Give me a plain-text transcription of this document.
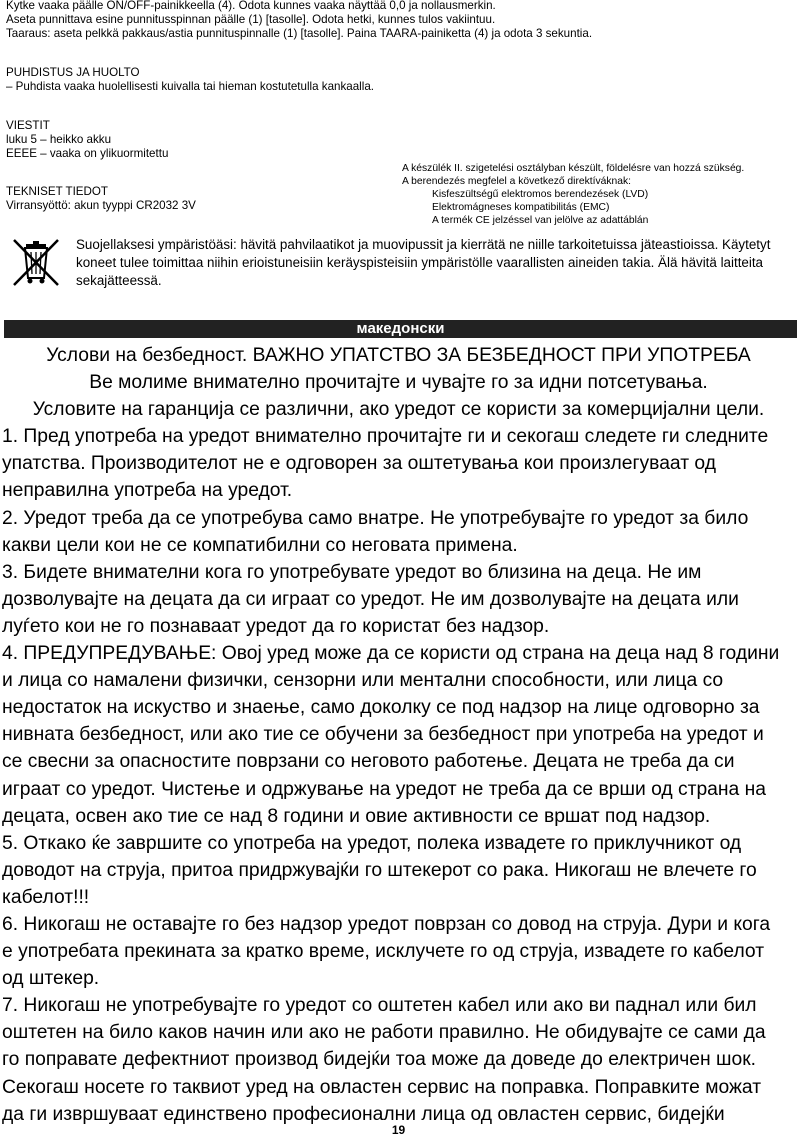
Kytke vaaka päälle ON/OFF-painikkeella (4). Odota kunnes vaaka näyttää 0,0 ja nollausmerkin.
Aseta punnittava esine punnitusspinnan päälle (1) [tasolle]. Odota hetki, kunnes tulos vakiintuu.
Taaraus: aseta pelkkä pakkaus/astia punnituspinnalle (1) [tasolle]. Paina TAARA-painiketta (4) ja odota 3 sekuntia.
PUHDISTUS JA HUOLTO
– Puhdista vaaka huolellisesti kuivalla tai hieman kostutetulla kankaalla.
VIESTIT
luku 5 – heikko akku
EEEE – vaaka on ylikuormitettu
TEKNISET TIEDOT
Virransyöttö: akun tyyppi CR2032 3V
A készülék II. szigetelési osztályban készült, földelésre van hozzá szükség.
A berendezés megfelel a következő direktíváknak:
Kisfeszültségű elektromos berendezések (LVD)
Elektromágneses kompatibilitás (EMC)
A termék CE jelzéssel van jelölve az adattáblán
Suojellaksesi ympäristöäsi: hävitä pahvilaatikot ja muovipussit ja kierrätä ne niille tarkoitetuissa jäteastioissa. Käytetyt koneet tulee toimittaa niihin erioistuneisiin keräyspisteisiin ympäristölle vaarallisten aineiden takia. Älä hävitä laitteita sekajätteessä.
македонски

Услови на безбедност. ВАЖНО УПАТСТВО ЗА БЕЗБЕДНОСТ ПРИ УПОТРЕБА

Ве молиме внимателно прочитајте и чувајте го за идни потсетувања.

Условите на гаранција се различни, ако уредот се користи за комерцијални цели.

1. Пред употреба на уредот внимателно прочитајте ги и секогаш следете ги следните

упатства. Производителот не е одговорен за оштетувања кои произлегуваат од

неправилна употреба на уредот.

2. Уредот треба да се употребува само внатре. Не употребувајте го уредот за било

какви цели кои не се компатибилни со неговата примена.

3. Бидете внимателни кога го употребувате уредот во близина на деца. Не им

дозволувајте на децата да си играат со уредот. Не им дозволувајте на децата или

луѓето кои не го познаваат уредот да го користат без надзор.

4. ПРЕДУПРЕДУВАЊЕ: Овој уред може да се користи од страна на деца над 8 години

и лица со намалени физички, сензорни или ментални способности, или лица со

недостаток на искуство и знаење, само доколку се под надзор на лице одговорно за

нивната безбедност, или ако тие се обучени за безбедност при употреба на уредот и

се свесни за опасностите поврзани со неговото работење. Децата не треба да си

играат со уредот. Чистење и одржување на уредот не треба да се врши од страна на

децата, освен ако тие се над 8 години и овие активности се вршат под надзор.

5. Откако ќе завршите со употреба на уредот, полека извадете го приклучникот од

доводот на струја, притоа придржувајќи го штекерот со рака. Никогаш не влечете го

кабелот!!!

6. Никогаш не оставајте го без надзор уредот поврзан со довод на струја. Дури и кога

е употребата прекината за кратко време, исклучете го од струја, извадете го кабелот

од штекер.

7. Никогаш не употребувајте го уредот со оштетен кабел или ако ви паднал или бил

оштетен на било каков начин или ако не работи правилно. Не обидувајте се сами да

го поправате дефектниот производ бидејќи тоа може да доведе до електричен шок.

Секогаш носете го таквиот уред на овластен сервис на поправка. Поправките можат

да ги извршуваат единствено професионални лица од овластен сервис, бидејќи

19
